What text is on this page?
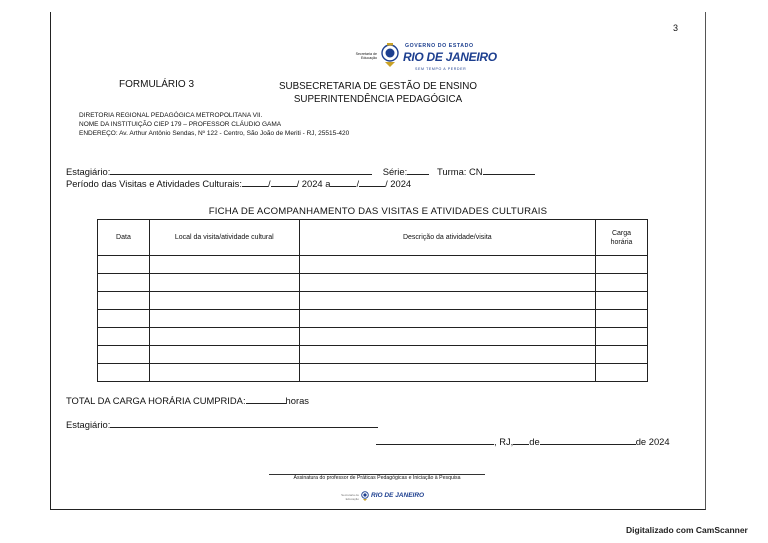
3
Secretaria de Educação
GOVERNO DO ESTADO
RIO DE JANEIRO
SEM TEMPO A PERDER
FORMULÁRIO 3	SUBSECRETARIA DE GESTÃO DE ENSINO
SUPERINTENDÊNCIA PEDAGÓGICA
DIRETORIA REGIONAL PEDAGÓGICA METROPOLITANA VII.
NOME DA INSTITUIÇÃO CIEP 179 – PROFESSOR CLÁUDIO GAMA
ENDEREÇO: Av. Arthur Antônio Sendas, Nº 122 - Centro, São João de Meriti - RJ, 25515-420
Estagiário:	Série:	Turma: CN
Período das Visitas e Atividades Culturais:	/	/ 2024 a	/	/ 2024
FICHA DE ACOMPANHAMENTO DAS VISITAS E ATIVIDADES CULTURAIS
Data	Local da visita/atividade cultural	Descrição da atividade/visita	Carga horária

TOTAL DA CARGA HORÁRIA CUMPRIDA:	horas
Estagiário:
, RJ, de	de 2024
Assinatura do professor de Práticas Pedagógicas e Iniciação à Pesquisa
Secretaria de Educação RIO DE JANEIRO
Digitalizado com CamScanner
